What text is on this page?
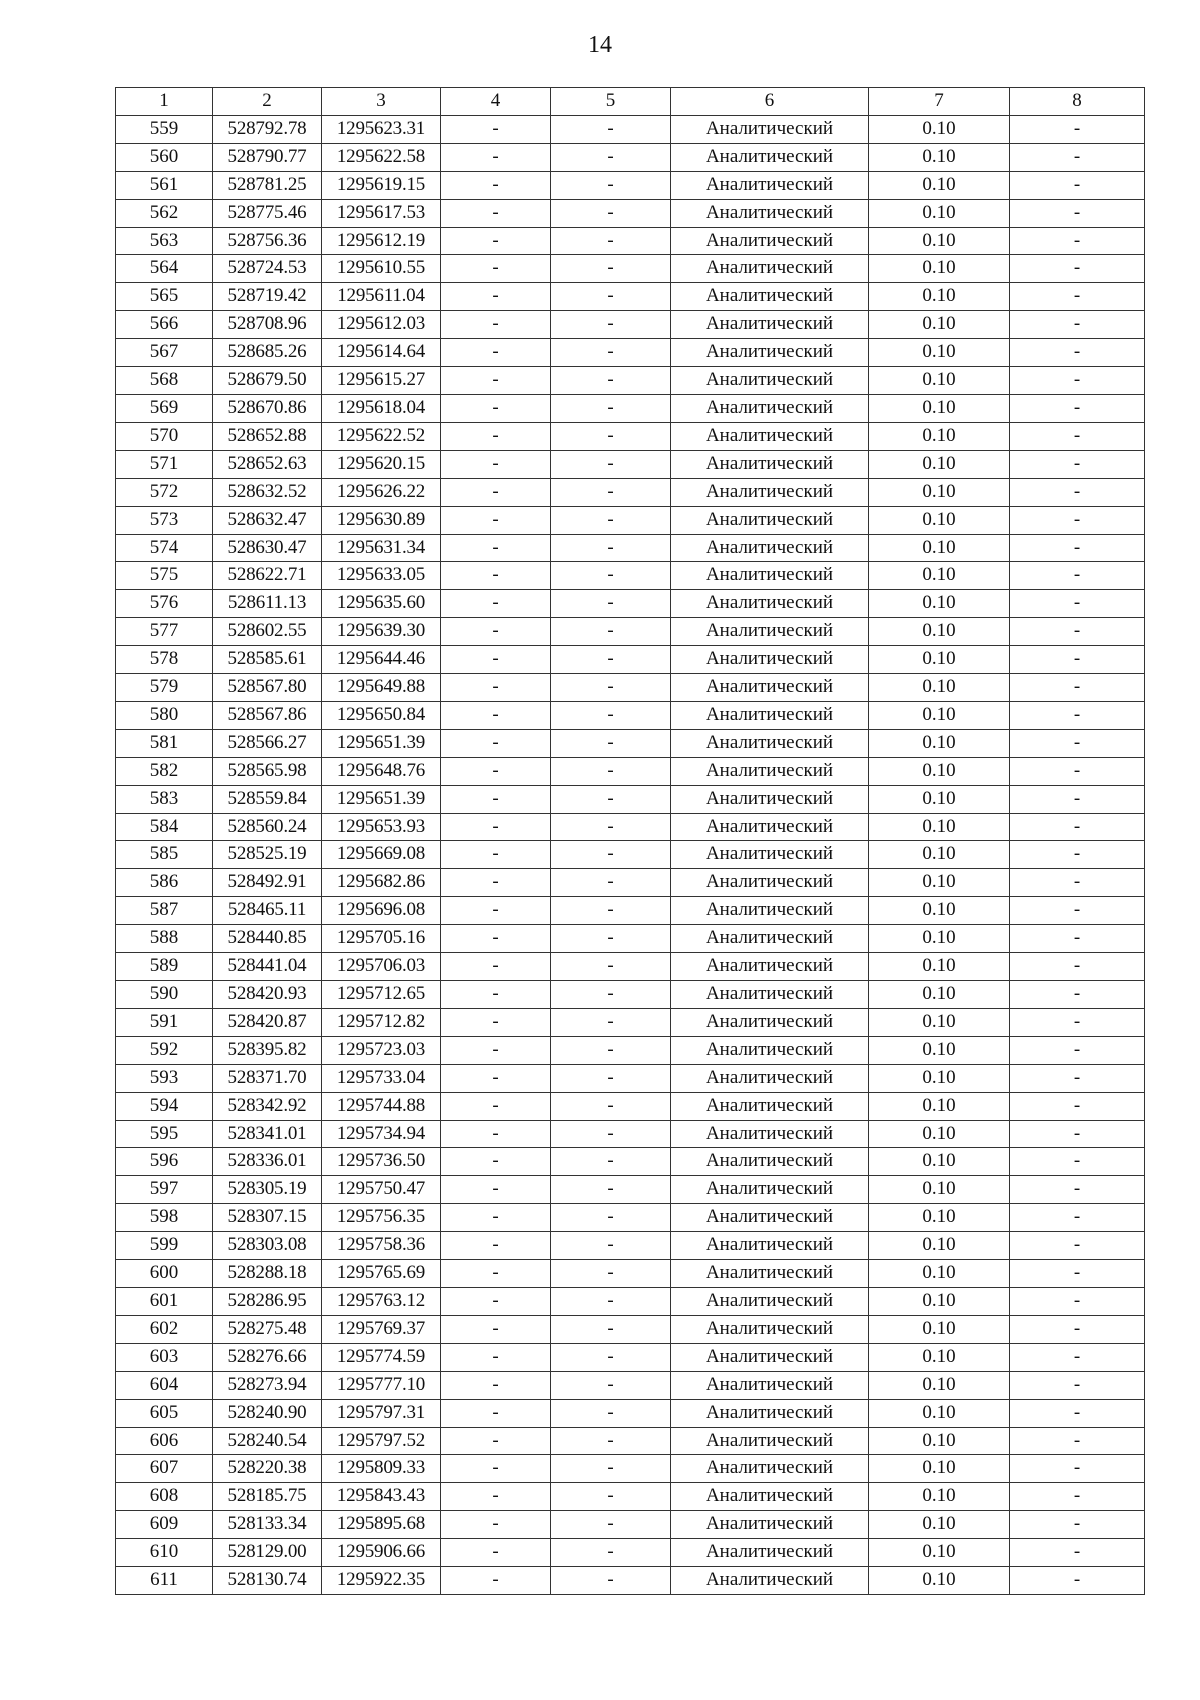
14
1	2	3	4	5	6	7	8
559	528792.78	1295623.31	-	-	Аналитический	0.10	-
560	528790.77	1295622.58	-	-	Аналитический	0.10	-
561	528781.25	1295619.15	-	-	Аналитический	0.10	-
562	528775.46	1295617.53	-	-	Аналитический	0.10	-
563	528756.36	1295612.19	-	-	Аналитический	0.10	-
564	528724.53	1295610.55	-	-	Аналитический	0.10	-
565	528719.42	1295611.04	-	-	Аналитический	0.10	-
566	528708.96	1295612.03	-	-	Аналитический	0.10	-
567	528685.26	1295614.64	-	-	Аналитический	0.10	-
568	528679.50	1295615.27	-	-	Аналитический	0.10	-
569	528670.86	1295618.04	-	-	Аналитический	0.10	-
570	528652.88	1295622.52	-	-	Аналитический	0.10	-
571	528652.63	1295620.15	-	-	Аналитический	0.10	-
572	528632.52	1295626.22	-	-	Аналитический	0.10	-
573	528632.47	1295630.89	-	-	Аналитический	0.10	-
574	528630.47	1295631.34	-	-	Аналитический	0.10	-
575	528622.71	1295633.05	-	-	Аналитический	0.10	-
576	528611.13	1295635.60	-	-	Аналитический	0.10	-
577	528602.55	1295639.30	-	-	Аналитический	0.10	-
578	528585.61	1295644.46	-	-	Аналитический	0.10	-
579	528567.80	1295649.88	-	-	Аналитический	0.10	-
580	528567.86	1295650.84	-	-	Аналитический	0.10	-
581	528566.27	1295651.39	-	-	Аналитический	0.10	-
582	528565.98	1295648.76	-	-	Аналитический	0.10	-
583	528559.84	1295651.39	-	-	Аналитический	0.10	-
584	528560.24	1295653.93	-	-	Аналитический	0.10	-
585	528525.19	1295669.08	-	-	Аналитический	0.10	-
586	528492.91	1295682.86	-	-	Аналитический	0.10	-
587	528465.11	1295696.08	-	-	Аналитический	0.10	-
588	528440.85	1295705.16	-	-	Аналитический	0.10	-
589	528441.04	1295706.03	-	-	Аналитический	0.10	-
590	528420.93	1295712.65	-	-	Аналитический	0.10	-
591	528420.87	1295712.82	-	-	Аналитический	0.10	-
592	528395.82	1295723.03	-	-	Аналитический	0.10	-
593	528371.70	1295733.04	-	-	Аналитический	0.10	-
594	528342.92	1295744.88	-	-	Аналитический	0.10	-
595	528341.01	1295734.94	-	-	Аналитический	0.10	-
596	528336.01	1295736.50	-	-	Аналитический	0.10	-
597	528305.19	1295750.47	-	-	Аналитический	0.10	-
598	528307.15	1295756.35	-	-	Аналитический	0.10	-
599	528303.08	1295758.36	-	-	Аналитический	0.10	-
600	528288.18	1295765.69	-	-	Аналитический	0.10	-
601	528286.95	1295763.12	-	-	Аналитический	0.10	-
602	528275.48	1295769.37	-	-	Аналитический	0.10	-
603	528276.66	1295774.59	-	-	Аналитический	0.10	-
604	528273.94	1295777.10	-	-	Аналитический	0.10	-
605	528240.90	1295797.31	-	-	Аналитический	0.10	-
606	528240.54	1295797.52	-	-	Аналитический	0.10	-
607	528220.38	1295809.33	-	-	Аналитический	0.10	-
608	528185.75	1295843.43	-	-	Аналитический	0.10	-
609	528133.34	1295895.68	-	-	Аналитический	0.10	-
610	528129.00	1295906.66	-	-	Аналитический	0.10	-
611	528130.74	1295922.35	-	-	Аналитический	0.10	-
